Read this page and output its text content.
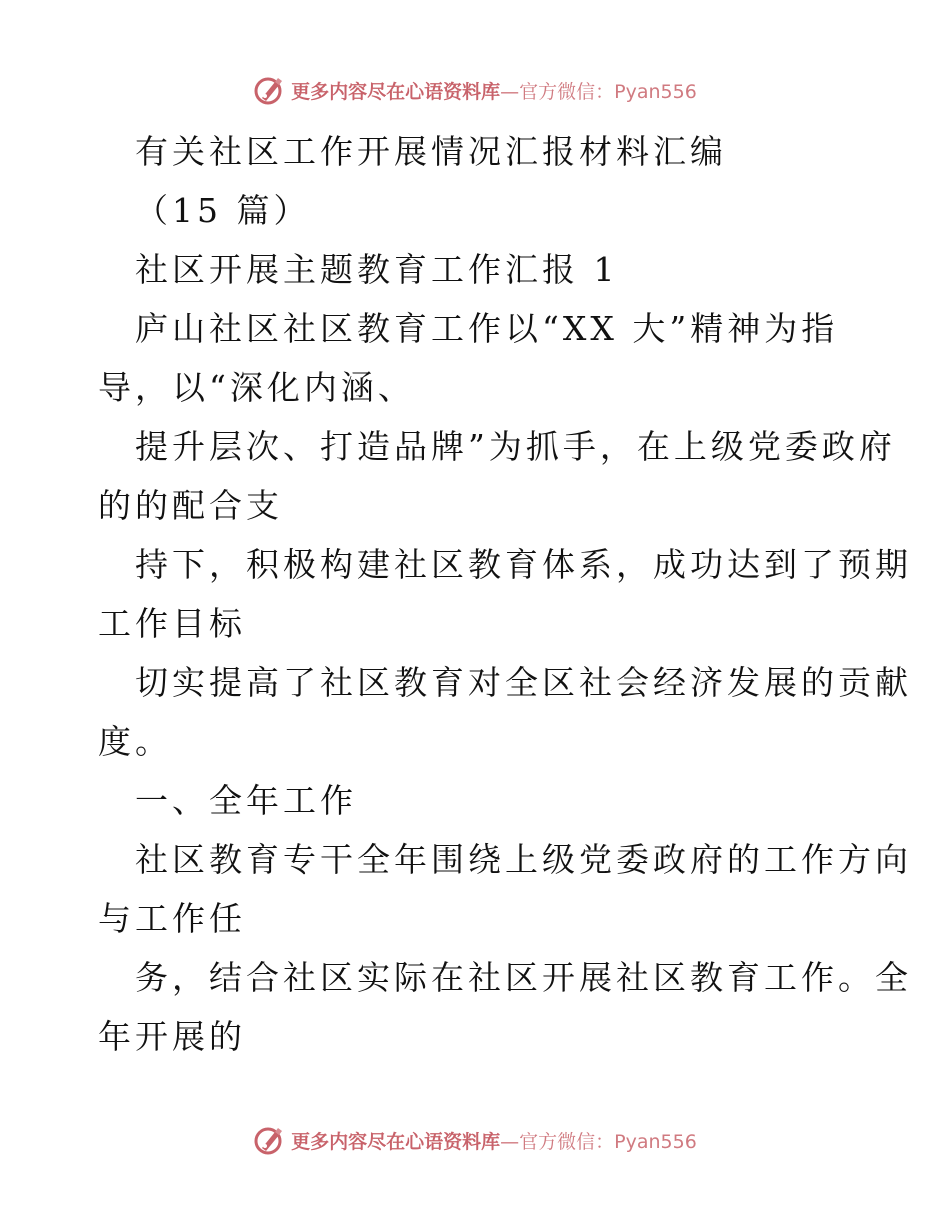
更多内容尽在心语资料库—官方微信：Pyan556
有关社区工作开展情况汇报材料汇编
（15 篇）
社区开展主题教育工作汇报 1
庐山社区社区教育工作以“XX 大”精神为指
导，以“深化内涵、
提升层次、打造品牌”为抓手，在上级党委政府
的的配合支
持下，积极构建社区教育体系，成功达到了预期
工作目标
切实提高了社区教育对全区社会经济发展的贡献
度。
一、全年工作
社区教育专干全年围绕上级党委政府的工作方向
与工作任
务，结合社区实际在社区开展社区教育工作。全
年开展的
更多内容尽在心语资料库—官方微信：Pyan556
